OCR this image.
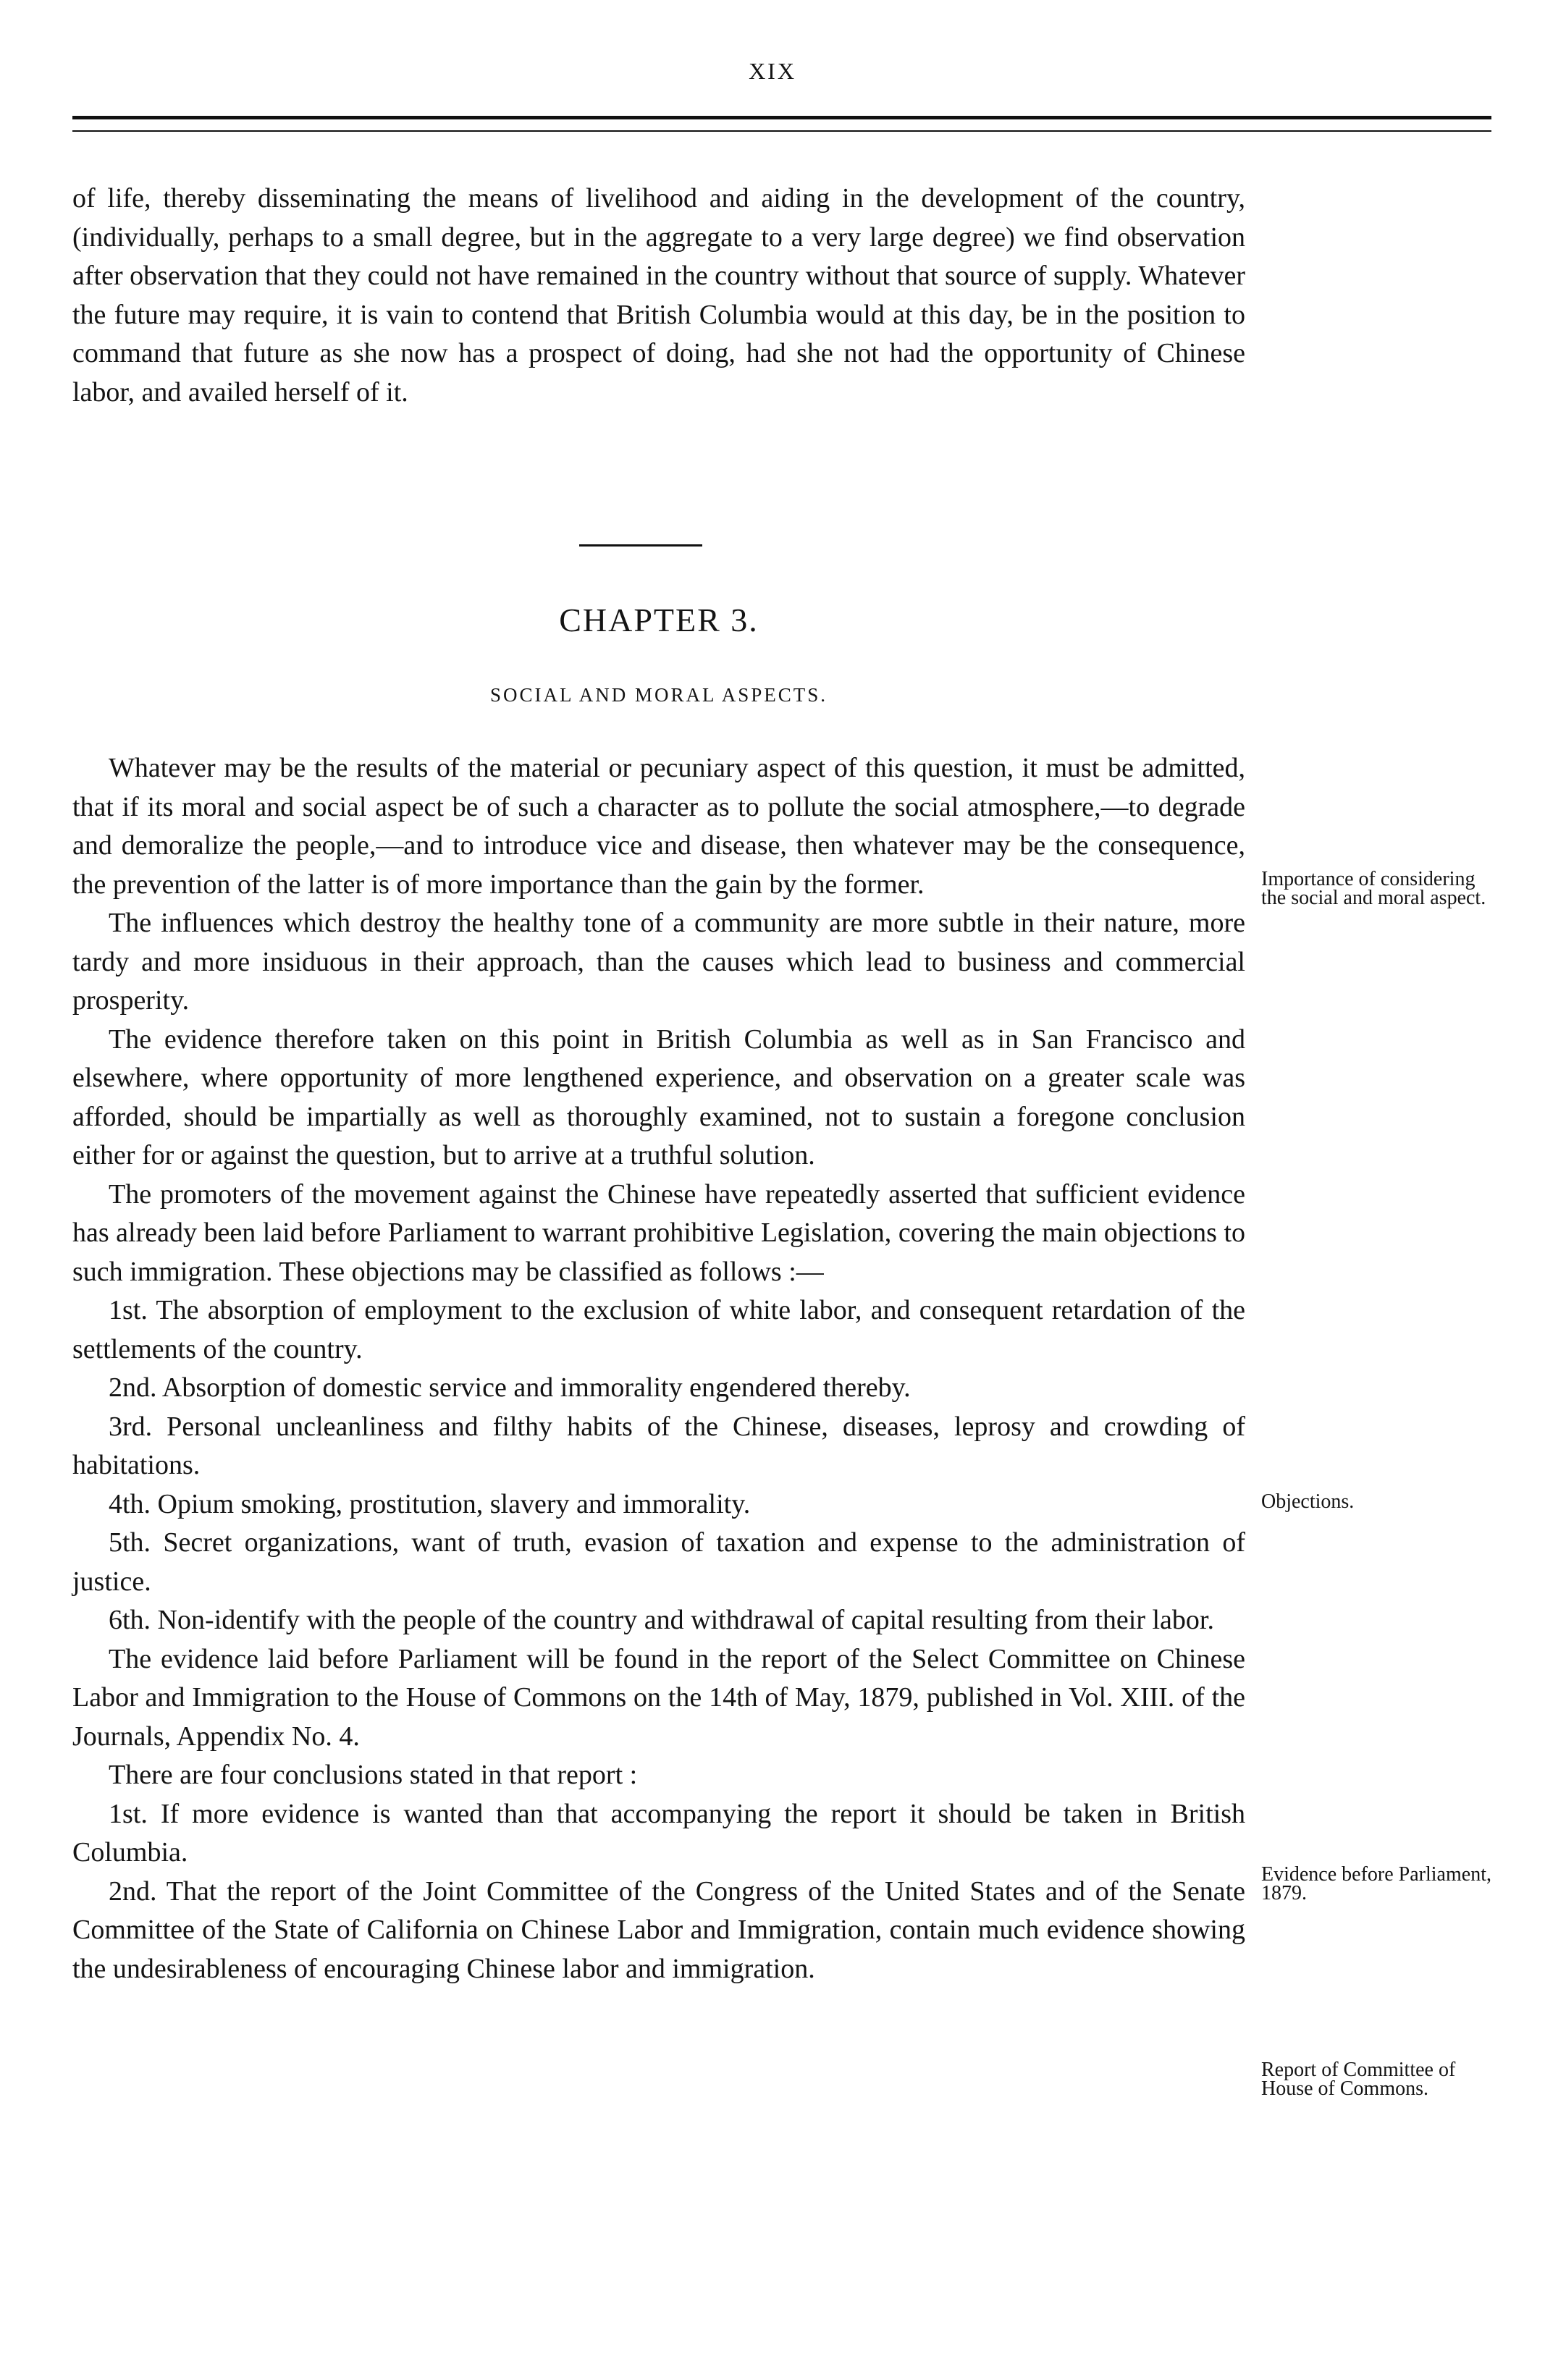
XIX

of life, thereby disseminating the means of livelihood and aiding in the development of the country, (individually, perhaps to a small degree, but in the aggregate to a very large degree) we find observation after observation that they could not have remained in the country without that source of supply. Whatever the future may require, it is vain to contend that British Columbia would at this day, be in the position to command that future as she now has a prospect of doing, had she not had the opportunity of Chinese labor, and availed herself of it.

CHAPTER 3.
SOCIAL AND MORAL ASPECTS.

Whatever may be the results of the material or pecuniary aspect of this question, it must be admitted, that if its moral and social aspect be of such a character as to pollute the social atmosphere,—to degrade and demoralize the people,—and to introduce vice and disease, then whatever may be the consequence, the prevention of the latter is of more importance than the gain by the former.

The influences which destroy the healthy tone of a community are more subtle in their nature, more tardy and more insiduous in their approach, than the causes which lead to business and commercial prosperity.

The evidence therefore taken on this point in British Columbia as well as in San Francisco and elsewhere, where opportunity of more lengthened experience, and observation on a greater scale was afforded, should be impartially as well as thoroughly examined, not to sustain a foregone conclusion either for or against the question, but to arrive at a truthful solution.

The promoters of the movement against the Chinese have repeatedly asserted that sufficient evidence has already been laid before Parliament to warrant prohibitive Legislation, covering the main objections to such immigration. These objections may be classified as follows :—

1st. The absorption of employment to the exclusion of white labor, and consequent retardation of the settlements of the country.

2nd. Absorption of domestic service and immorality engendered thereby.

3rd. Personal uncleanliness and filthy habits of the Chinese, diseases, leprosy and crowding of habitations.

4th. Opium smoking, prostitution, slavery and immorality.

5th. Secret organizations, want of truth, evasion of taxation and expense to the administration of justice.

6th. Non-identify with the people of the country and withdrawal of capital resulting from their labor.

The evidence laid before Parliament will be found in the report of the Select Committee on Chinese Labor and Immigration to the House of Commons on the 14th of May, 1879, published in Vol. XIII. of the Journals, Appendix No. 4.

There are four conclusions stated in that report :

1st. If more evidence is wanted than that accompanying the report it should be taken in British Columbia.

2nd. That the report of the Joint Committee of the Congress of the United States and of the Senate Committee of the State of California on Chinese Labor and Immigration, contain much evidence showing the undesirableness of encouraging Chinese labor and immigration.

Importance of considering the social and moral aspect.
Objections.
Evidence before Parliament, 1879.
Report of Committee of House of Commons.
